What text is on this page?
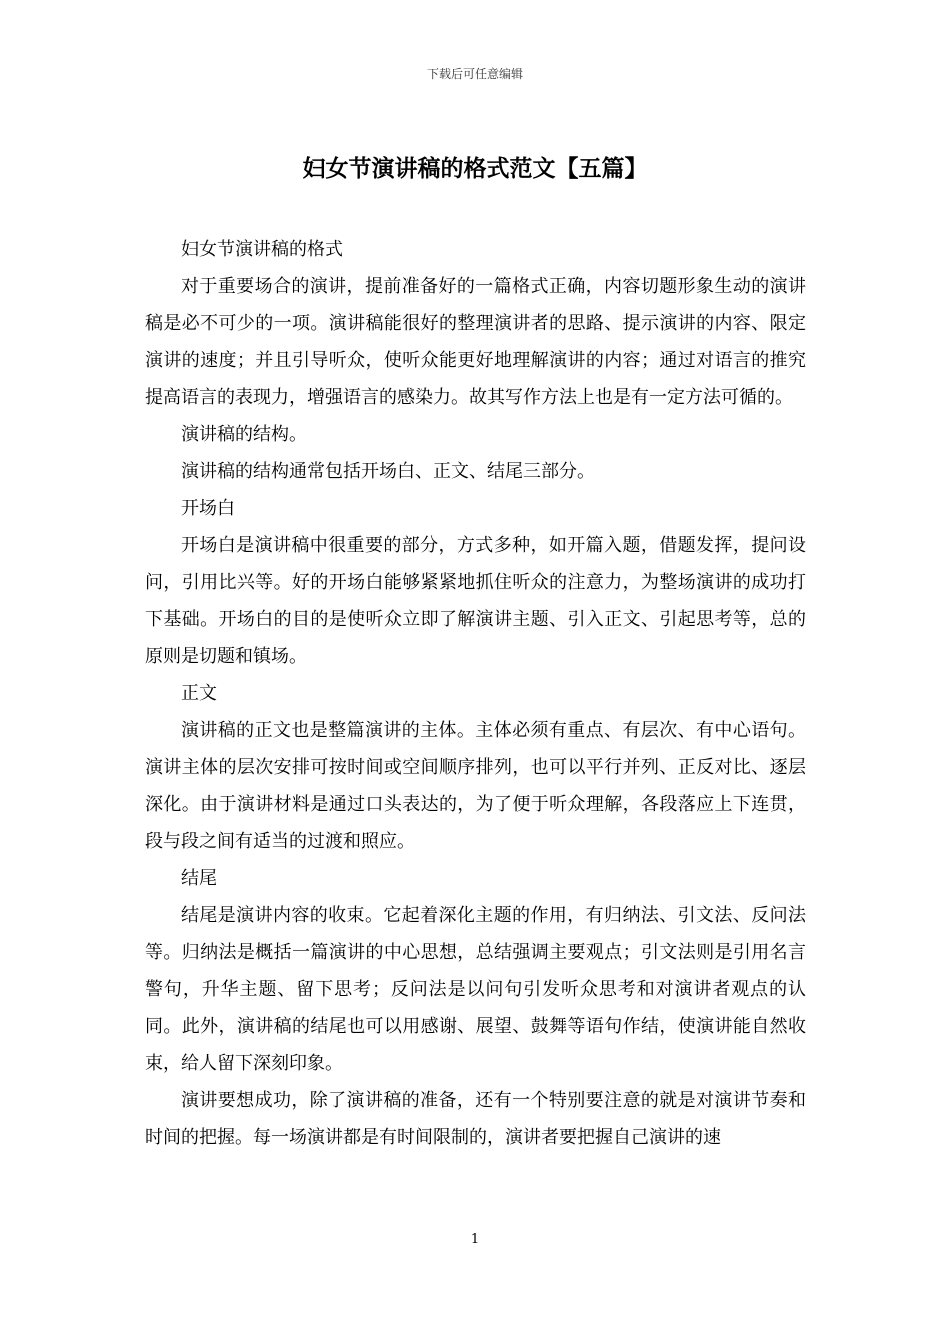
下载后可任意编辑
妇女节演讲稿的格式范文【五篇】

妇女节演讲稿的格式

对于重要场合的演讲，提前准备好的一篇格式正确，内容切题形象生动的演讲稿是必不可少的一项。演讲稿能很好的整理演讲者的思路、提示演讲的内容、限定演讲的速度；并且引导听众，使听众能更好地理解演讲的内容；通过对语言的推究提高语言的表现力，增强语言的感染力。故其写作方法上也是有一定方法可循的。

演讲稿的结构。

演讲稿的结构通常包括开场白、正文、结尾三部分。

开场白

开场白是演讲稿中很重要的部分，方式多种，如开篇入题，借题发挥，提问设问，引用比兴等。好的开场白能够紧紧地抓住听众的注意力，为整场演讲的成功打下基础。开场白的目的是使听众立即了解演讲主题、引入正文、引起思考等，总的原则是切题和镇场。

正文

演讲稿的正文也是整篇演讲的主体。主体必须有重点、有层次、有中心语句。演讲主体的层次安排可按时间或空间顺序排列，也可以平行并列、正反对比、逐层深化。由于演讲材料是通过口头表达的，为了便于听众理解，各段落应上下连贯，段与段之间有适当的过渡和照应。

结尾

结尾是演讲内容的收束。它起着深化主题的作用，有归纳法、引文法、反问法等。归纳法是概括一篇演讲的中心思想，总结强调主要观点；引文法则是引用名言警句，升华主题、留下思考；反问法是以问句引发听众思考和对演讲者观点的认同。此外，演讲稿的结尾也可以用感谢、展望、鼓舞等语句作结，使演讲能自然收束，给人留下深刻印象。

演讲要想成功，除了演讲稿的准备，还有一个特别要注意的就是对演讲节奏和时间的把握。每一场演讲都是有时间限制的，演讲者要把握自己演讲的速

1
